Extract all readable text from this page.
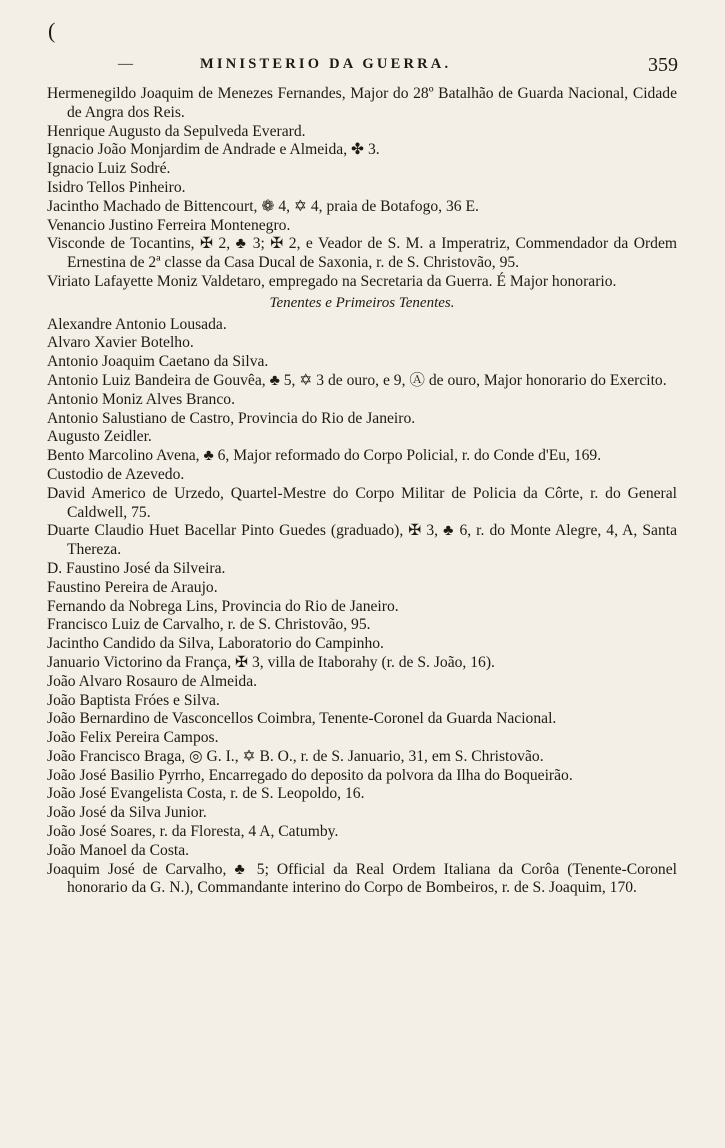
(
—	MINISTERIO DA GUERRA.	359

Hermenegildo Joaquim de Menezes Fernandes, Major do 28º Batalhão de Guarda Nacional, Cidade de Angra dos Reis.

Henrique Augusto da Sepulveda Everard.

Ignacio João Monjardim de Andrade e Almeida, ✤ 3.

Ignacio Luiz Sodré.

Isidro Tellos Pinheiro.

Jacintho Machado de Bittencourt, ❁ 4, ✡ 4, praia de Botafogo, 36 E.

Venancio Justino Ferreira Montenegro.

Visconde de Tocantins, ✠ 2, ♣ 3; ✠ 2, e Veador de S. M. a Imperatriz, Commendador da Ordem Ernestina de 2ª classe da Casa Ducal de Saxonia, r. de S. Christovão, 95.

Viriato Lafayette Moniz Valdetaro, empregado na Secretaria da Guerra. É Major honorario.

Tenentes e Primeiros Tenentes.

Alexandre Antonio Lousada.

Alvaro Xavier Botelho.

Antonio Joaquim Caetano da Silva.

Antonio Luiz Bandeira de Gouvêa, ♣ 5, ✡ 3 de ouro, e 9, Ⓐ de ouro, Major honorario do Exercito.

Antonio Moniz Alves Branco.

Antonio Salustiano de Castro, Provincia do Rio de Janeiro.

Augusto Zeidler.

Bento Marcolino Avena, ♣ 6, Major reformado do Corpo Policial, r. do Conde d'Eu, 169.

Custodio de Azevedo.

David Americo de Urzedo, Quartel-Mestre do Corpo Militar de Policia da Côrte, r. do General Caldwell, 75.

Duarte Claudio Huet Bacellar Pinto Guedes (graduado), ✠ 3, ♣ 6, r. do Monte Alegre, 4, A, Santa Thereza.

D. Faustino José da Silveira.

Faustino Pereira de Araujo.

Fernando da Nobrega Lins, Provincia do Rio de Janeiro.

Francisco Luiz de Carvalho, r. de S. Christovão, 95.

Jacintho Candido da Silva, Laboratorio do Campinho.

Januario Victorino da França, ✠ 3, villa de Itaborahy (r. de S. João, 16).

João Alvaro Rosauro de Almeida.

João Baptista Fróes e Silva.

João Bernardino de Vasconcellos Coimbra, Tenente-Coronel da Guarda Nacional.

João Felix Pereira Campos.

João Francisco Braga, ◎ G. I., ✡ B. O., r. de S. Januario, 31, em S. Christovão.

João José Basilio Pyrrho, Encarregado do deposito da polvora da Ilha do Boqueirão.

João José Evangelista Costa, r. de S. Leopoldo, 16.

João José da Silva Junior.

João José Soares, r. da Floresta, 4 A, Catumby.

João Manoel da Costa.

Joaquim José de Carvalho, ♣ 5; Official da Real Ordem Italiana da Corôa (Tenente-Coronel honorario da G. N.), Commandante interino do Corpo de Bombeiros, r. de S. Joaquim, 170.
